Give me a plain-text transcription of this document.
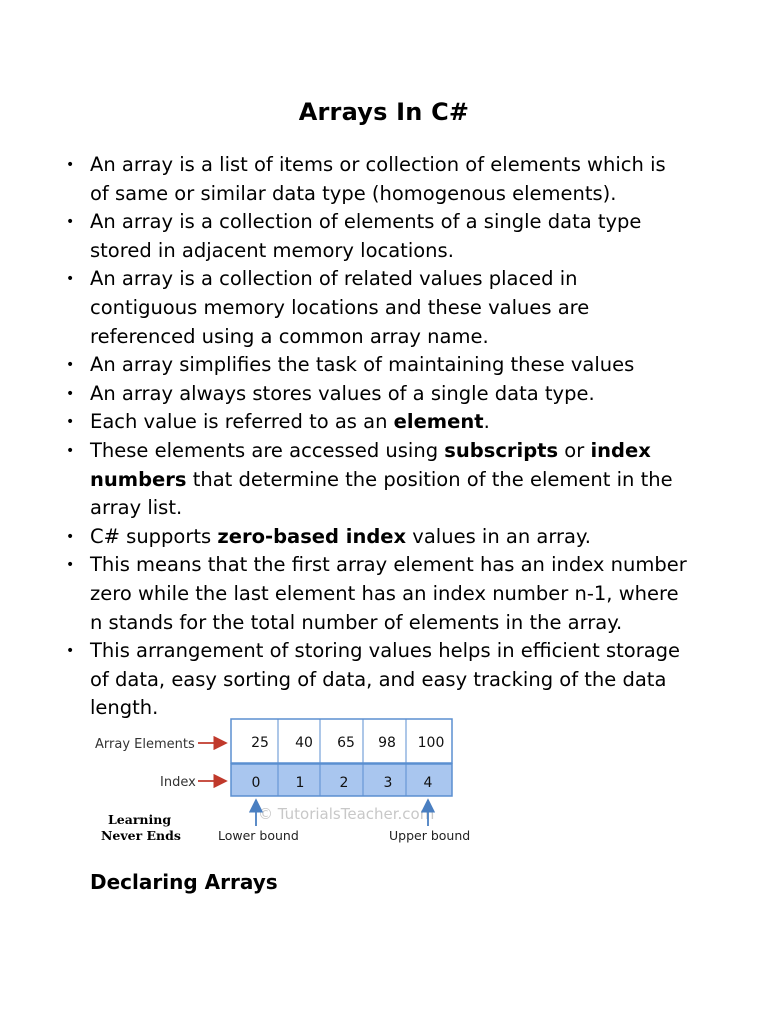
Arrays In C#
• An array is a list of items or collection of elements which is of same or similar data type (homogenous elements).
• An array is a collection of elements of a single data type stored in adjacent memory locations.
• An array is a collection of related values placed in contiguous memory locations and these values are referenced using a common array name.
• An array simplifies the task of maintaining these values
• An array always stores values of a single data type.
• Each value is referred to as an element.
• These elements are accessed using subscripts or index numbers that determine the position of the element in the array list.
• C# supports zero-based index values in an array.
• This means that the first array element has an index number zero while the last element has an index number n-1, where n stands for the total number of elements in the array.
• This arrangement of storing values helps in efficient storage of data, easy sorting of data, and easy tracking of the data length.
© TutorialsTeacher.com
Array Elements
Index
25 40 65 98 100
0	1	2	3 4
Lower bound	Upper bound
Learning
Never Ends
Declaring Arrays
